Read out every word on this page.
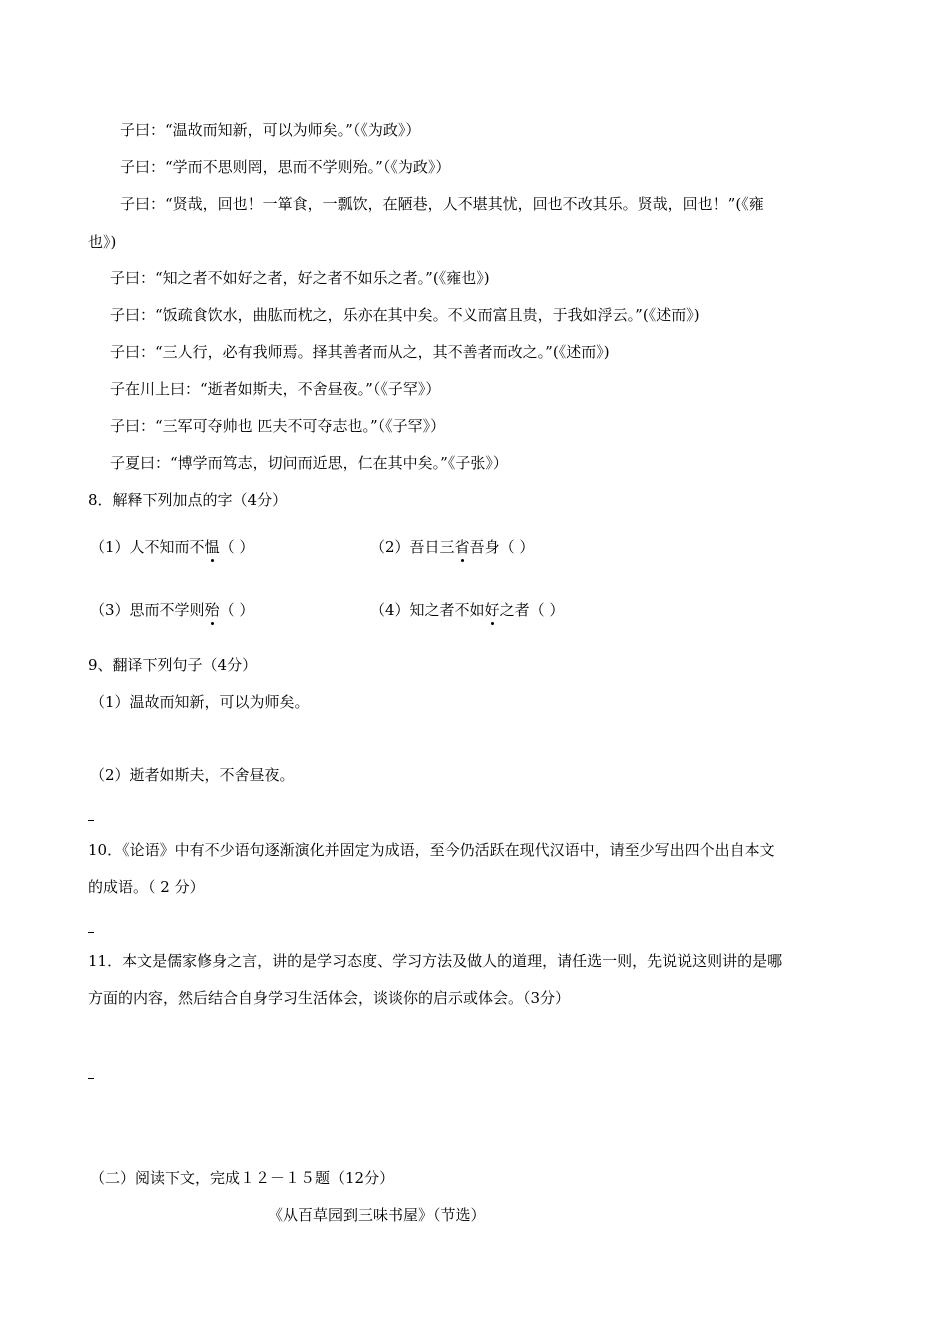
子曰：“温故而知新，可以为师矣。”（《为政》）
子曰：“学而不思则罔，思而不学则殆。”（《为政》）
子曰：“贤哉，回也！一箪食，一瓢饮，在陋巷，人不堪其忧，回也不改其乐。贤哉，回也！”(《雍
也》)
子曰：“知之者不如好之者，好之者不如乐之者。”(《雍也》)
子曰：“饭疏食饮水，曲肱而枕之，乐亦在其中矣。不义而富且贵，于我如浮云。”(《述而》)
子曰：“三人行，必有我师焉。择其善者而从之，其不善者而改之。”(《述而》)
子在川上曰：“逝者如斯夫，不舍昼夜。”（《子罕》）
子曰：“三军可夺帅也 匹夫不可夺志也。”（《子罕》）
子夏曰：“博学而笃志，切问而近思，仁在其中矣。”《子张》）
8．解释下列加点的字（4分）
（1）人不知而不愠（ ）	（2）吾日三省吾身（ ）
（3）思而不学则殆（ ）	（4）知之者不如好之者（ ）
9、翻译下列句子（4分）
（1）温故而知新，可以为师矣。
（2）逝者如斯夫，不舍昼夜。
10．《论语》中有不少语句逐渐演化并固定为成语，至今仍活跃在现代汉语中，请至少写出四个出自本文
的成语。（ 2 分）
11．本文是儒家修身之言，讲的是学习态度、学习方法及做人的道理，请任选一则，先说说这则讲的是哪
方面的内容，然后结合自身学习生活体会，谈谈你的启示或体会。（3分）
（二）阅读下文，完成１２－１５题（12分）
《从百草园到三味书屋》（节选）
